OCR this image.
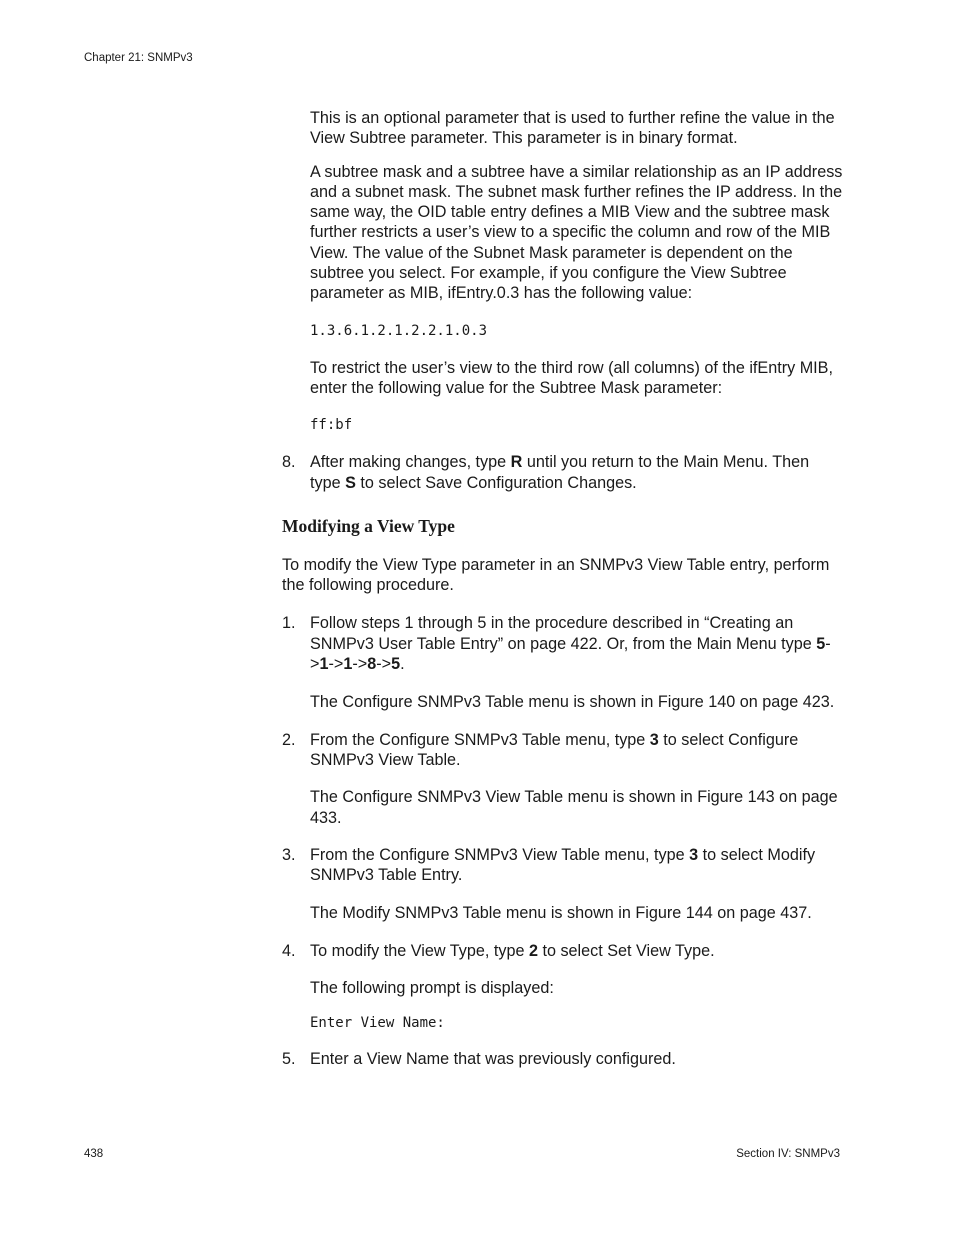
Chapter 21: SNMPv3

This is an optional parameter that is used to further refine the value in the View Subtree parameter. This parameter is in binary format.

A subtree mask and a subtree have a similar relationship as an IP address and a subnet mask. The subnet mask further refines the IP address. In the same way, the OID table entry defines a MIB View and the subtree mask further restricts a user’s view to a specific the column and row of the MIB View. The value of the Subnet Mask parameter is dependent on the subtree you select. For example, if you configure the View Subtree parameter as MIB, ifEntry.0.3 has the following value:

1.3.6.1.2.1.2.2.1.0.3

To restrict the user’s view to the third row (all columns) of the ifEntry MIB, enter the following value for the Subtree Mask parameter:

ff:bf

8. After making changes, type R until you return to the Main Menu. Then type S to select Save Configuration Changes.
Modifying a View Type

To modify the View Type parameter in an SNMPv3 View Table entry, perform the following procedure.

1. Follow steps 1 through 5 in the procedure described in “Creating an SNMPv3 User Table Entry” on page 422. Or, from the Main Menu type 5->1->1->8->5.

The Configure SNMPv3 Table menu is shown in Figure 140 on page 423.

2. From the Configure SNMPv3 Table menu, type 3 to select Configure SNMPv3 View Table.

The Configure SNMPv3 View Table menu is shown in Figure 143 on page 433.

3. From the Configure SNMPv3 View Table menu, type 3 to select Modify SNMPv3 Table Entry.

The Modify SNMPv3 Table menu is shown in Figure 144 on page 437.

4. To modify the View Type, type 2 to select Set View Type.

The following prompt is displayed:

Enter View Name:

5. Enter a View Name that was previously configured.
438	Section IV: SNMPv3
